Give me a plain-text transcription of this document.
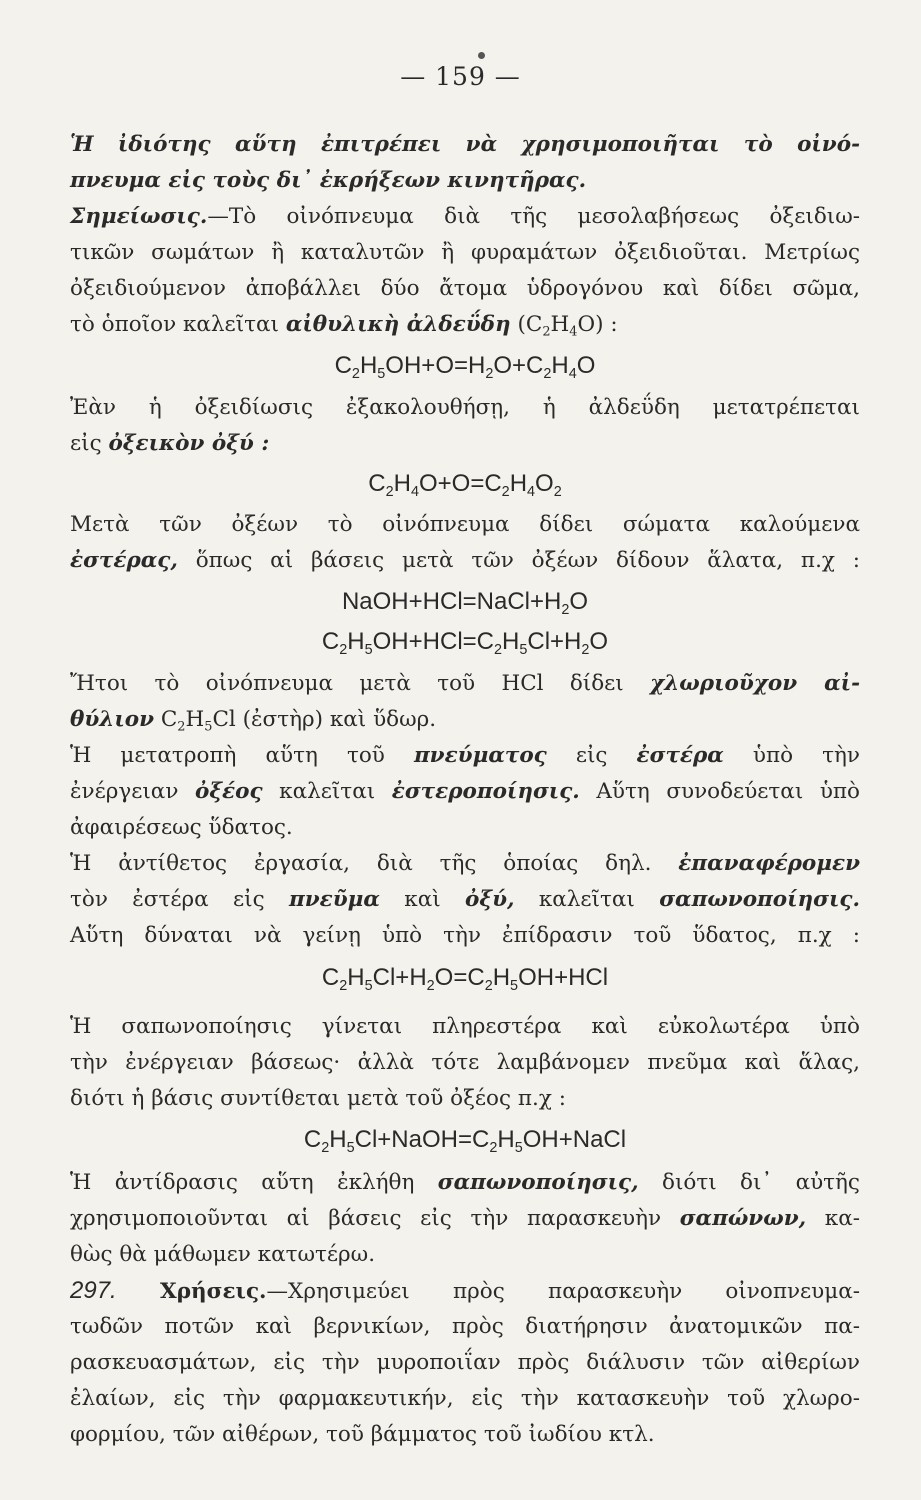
— 159 —
Ἡ ἰδιότης αὕτη ἐπιτρέπει νὰ χρησιμοποιῆται τὸ οἰνό-
πνευμα εἰς τοὺς δι᾽ ἐκρήξεων κινητῆρας.
Σημείωσις.—Τὸ οἰνόπνευμα διὰ τῆς μεσολαβήσεως ὀξειδιω-
τικῶν σωμάτων ἢ καταλυτῶν ἢ φυραμάτων ὀξειδιοῦται. Μετρίως
ὀξειδιούμενον ἀποβάλλει δύο ἄτομα ὑδρογόνου καὶ δίδει σῶμα,
τὸ ὁποῖον καλεῖται αἰθυλικὴ ἀλδεΰδη $(C_2H_4O)$ :
$C_2H_5OH+O=H_2O+C_2H_4O$
Ἐὰν ἡ ὀξειδίωσις ἐξακολουθήσῃ, ἡ ἀλδεΰδη μετατρέπεται
εἰς ὀξεικὸν ὀξύ :
$C_2H_4O+O=C_2H_4O_2$
Μετὰ τῶν ὀξέων τὸ οἰνόπνευμα δίδει σώματα καλούμενα
ἐστέρας, ὅπως αἱ βάσεις μετὰ τῶν ὀξέων δίδουν ἅλατα, π.χ :
$NaOH+HCl=NaCl+H_2O$
$C_2H_5OH+HCl=C_2H_5Cl+H_2O$
Ἤτοι τὸ οἰνόπνευμα μετὰ τοῦ HCl δίδει χλωριοῦχον αἰ-
θύλιον $C_2H_5Cl$ (ἐστὴρ) καὶ ὕδωρ.
Ἡ μετατροπὴ αὕτη τοῦ πνεύματος εἰς ἐστέρα ὑπὸ τὴν
ἐνέργειαν ὀξέος καλεῖται ἐστεροποίησις. Αὕτη συνοδεύεται ὑπὸ
ἀφαιρέσεως ὕδατος.
Ἡ ἀντίθετος ἐργασία, διὰ τῆς ὁποίας δηλ. ἐπαναφέρομεν
τὸν ἐστέρα εἰς πνεῦμα καὶ ὀξύ, καλεῖται σαπωνοποίησις.
Αὕτη δύναται νὰ γείνῃ ὑπὸ τὴν ἐπίδρασιν τοῦ ὕδατος, π.χ :
$C_2H_5Cl+H_2O=C_2H_5OH+HCl$
Ἡ σαπωνοποίησις γίνεται πληρεστέρα καὶ εὐκολωτέρα ὑπὸ
τὴν ἐνέργειαν βάσεως· ἀλλὰ τότε λαμβάνομεν πνεῦμα καὶ ἅλας,
διότι ἡ βάσις συντίθεται μετὰ τοῦ ὀξέος π.χ :
$C_2H_5Cl+NaOH=C_2H_5OH+NaCl$
Ἡ ἀντίδρασις αὕτη ἐκλήθη σαπωνοποίησις, διότι δι᾽ αὐτῆς
χρησιμοποιοῦνται αἱ βάσεις εἰς τὴν παρασκευὴν σαπώνων, κα-
θὼς θὰ μάθωμεν κατωτέρω.
297. Χρήσεις.—Χρησιμεύει πρὸς παρασκευὴν οἰνοπνευμα-
τωδῶν ποτῶν καὶ βερνικίων, πρὸς διατήρησιν ἀνατομικῶν πα-
ρασκευασμάτων, εἰς τὴν μυροποιΐαν πρὸς διάλυσιν τῶν αἰθερίων
ἐλαίων, εἰς τὴν φαρμακευτικήν, εἰς τὴν κατασκευὴν τοῦ χλωρο-
φορμίου, τῶν αἰθέρων, τοῦ βάμματος τοῦ ἰωδίου κτλ.
